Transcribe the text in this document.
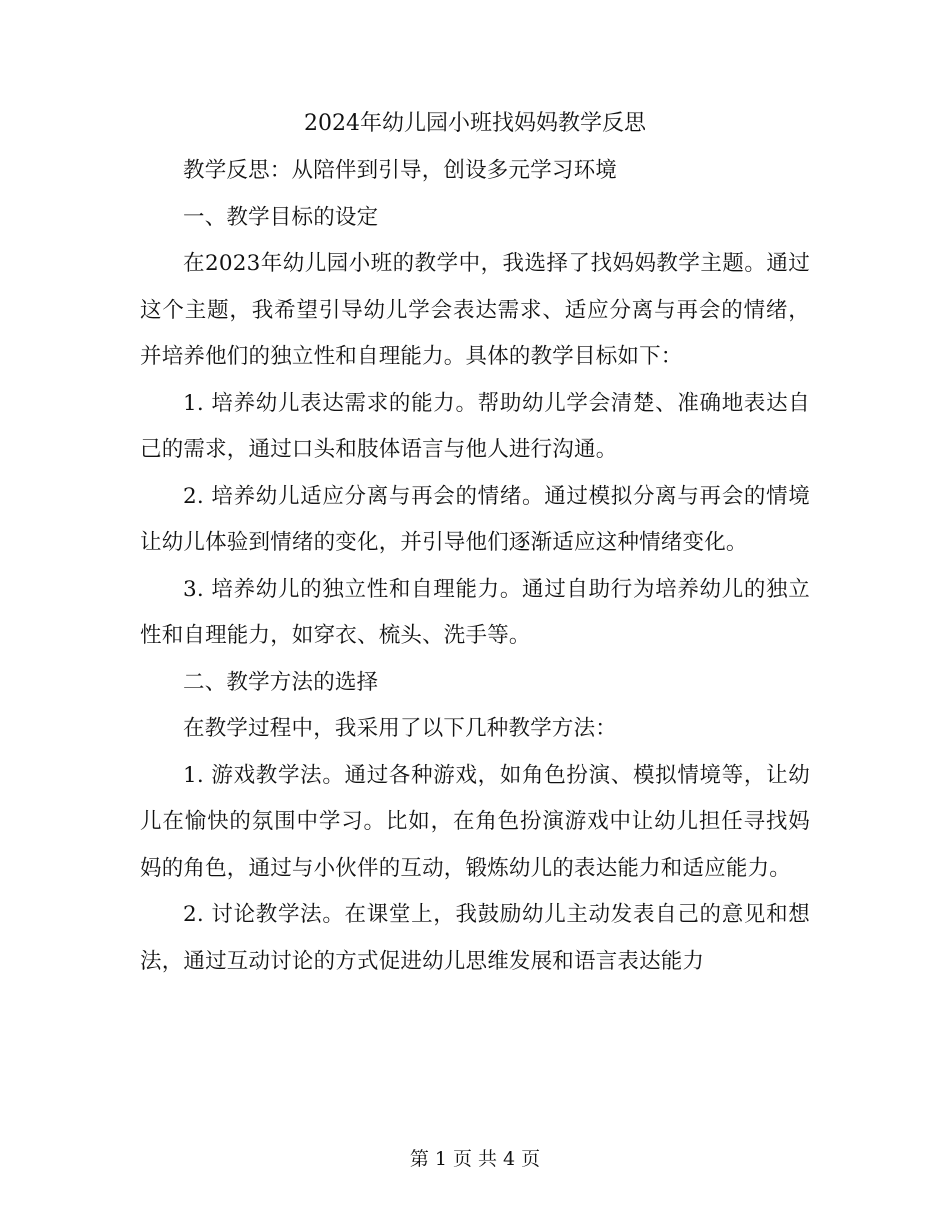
2024年幼儿园小班找妈妈教学反思

教学反思：从陪伴到引导，创设多元学习环境

一、教学目标的设定

在2023年幼儿园小班的教学中，我选择了找妈妈教学主题。通过这个主题，我希望引导幼儿学会表达需求、适应分离与再会的情绪，并培养他们的独立性和自理能力。具体的教学目标如下：

1. 培养幼儿表达需求的能力。帮助幼儿学会清楚、准确地表达自己的需求，通过口头和肢体语言与他人进行沟通。

2. 培养幼儿适应分离与再会的情绪。通过模拟分离与再会的情境让幼儿体验到情绪的变化，并引导他们逐渐适应这种情绪变化。

3. 培养幼儿的独立性和自理能力。通过自助行为培养幼儿的独立性和自理能力，如穿衣、梳头、洗手等。

二、教学方法的选择

在教学过程中，我采用了以下几种教学方法：

1. 游戏教学法。通过各种游戏，如角色扮演、模拟情境等，让幼儿在愉快的氛围中学习。比如，在角色扮演游戏中让幼儿担任寻找妈妈的角色，通过与小伙伴的互动，锻炼幼儿的表达能力和适应能力。

2. 讨论教学法。在课堂上，我鼓励幼儿主动发表自己的意见和想法，通过互动讨论的方式促进幼儿思维发展和语言表达能力

第 1 页 共 4 页
